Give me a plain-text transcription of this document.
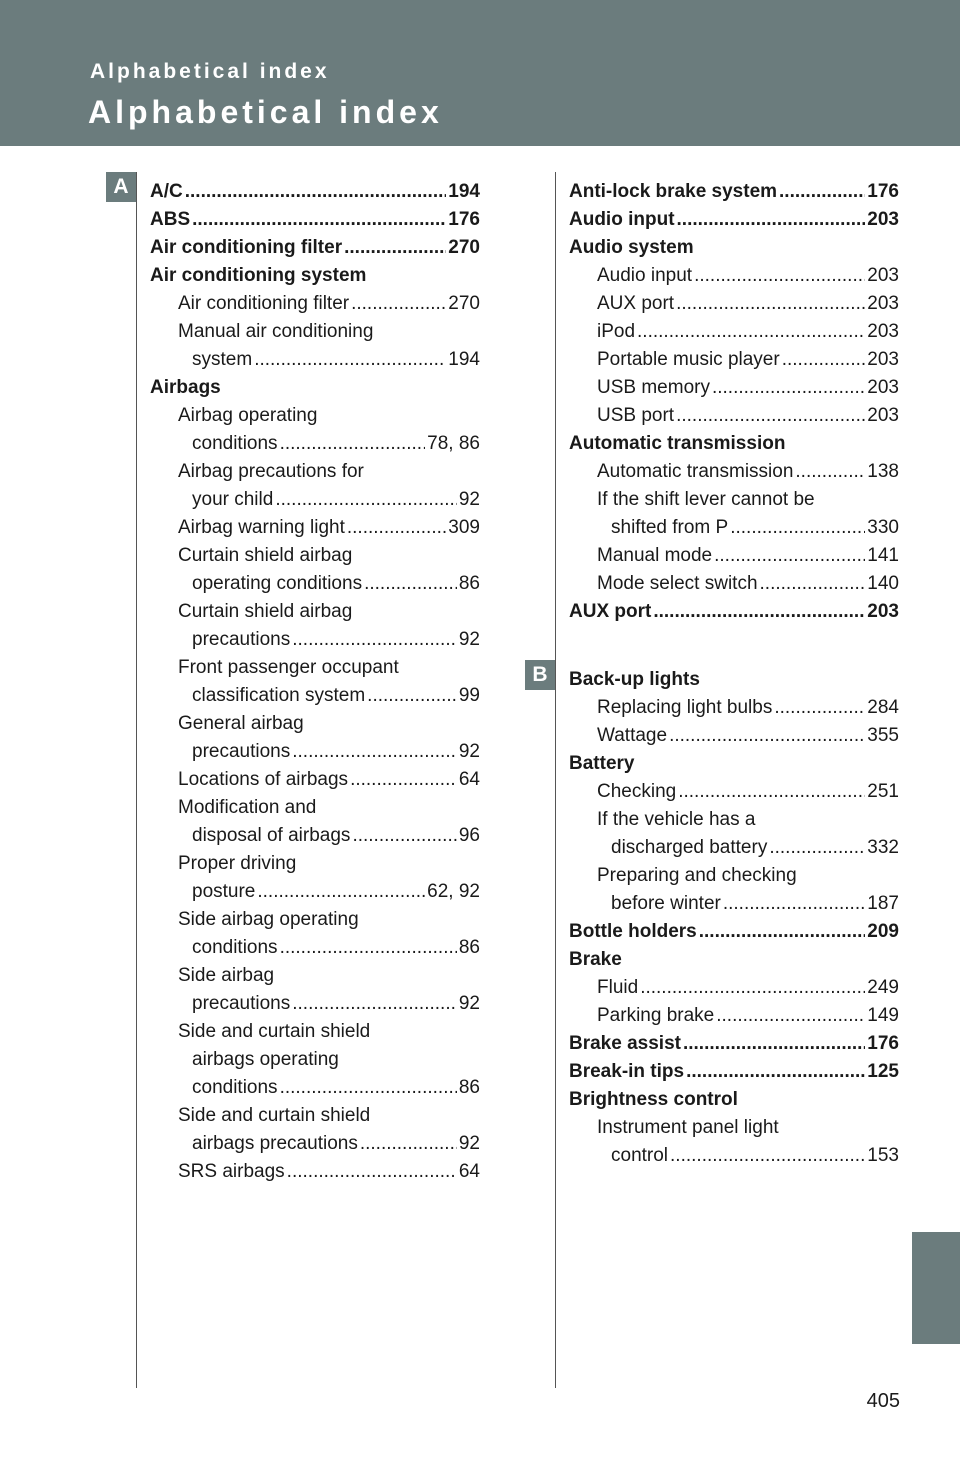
Alphabetical index
Alphabetical index
A
B
A/C .....	194
ABS .....	176
Air conditioning filter .....	270
Air conditioning system
Air conditioning filter .....	270
Manual air conditioning
system .....	194
Airbags
Airbag operating
conditions .....	78, 86
Airbag precautions for
your child .....	92
Airbag warning light .....	309
Curtain shield airbag
operating conditions .....	86
Curtain shield airbag
precautions .....	92
Front passenger occupant
classification system .....	99
General airbag
precautions .....	92
Locations of airbags .....	64
Modification and
disposal of airbags .....	96
Proper driving
posture .....	62, 92
Side airbag operating
conditions .....	86
Side airbag
precautions .....	92
Side and curtain shield
airbags operating
conditions .....	86
Side and curtain shield
airbags precautions .....	92
SRS airbags .....	64
Anti-lock brake system .....	176
Audio input .....	203
Audio system
Audio input .....	203
AUX port .....	203
iPod .....	203
Portable music player .....	203
USB memory .....	203
USB port .....	203
Automatic transmission
Automatic transmission .....	138
If the shift lever cannot be
shifted from P .....	330
Manual mode .....	141
Mode select switch .....	140
AUX port .....	203
Back-up lights
Replacing light bulbs .....	284
Wattage .....	355
Battery
Checking .....	251
If the vehicle has a
discharged battery .....	332
Preparing and checking
before winter .....	187
Bottle holders .....	209
Brake
Fluid .....	249
Parking brake .....	149
Brake assist .....	176
Break-in tips .....	125
Brightness control
Instrument panel light
control .....	153
405
